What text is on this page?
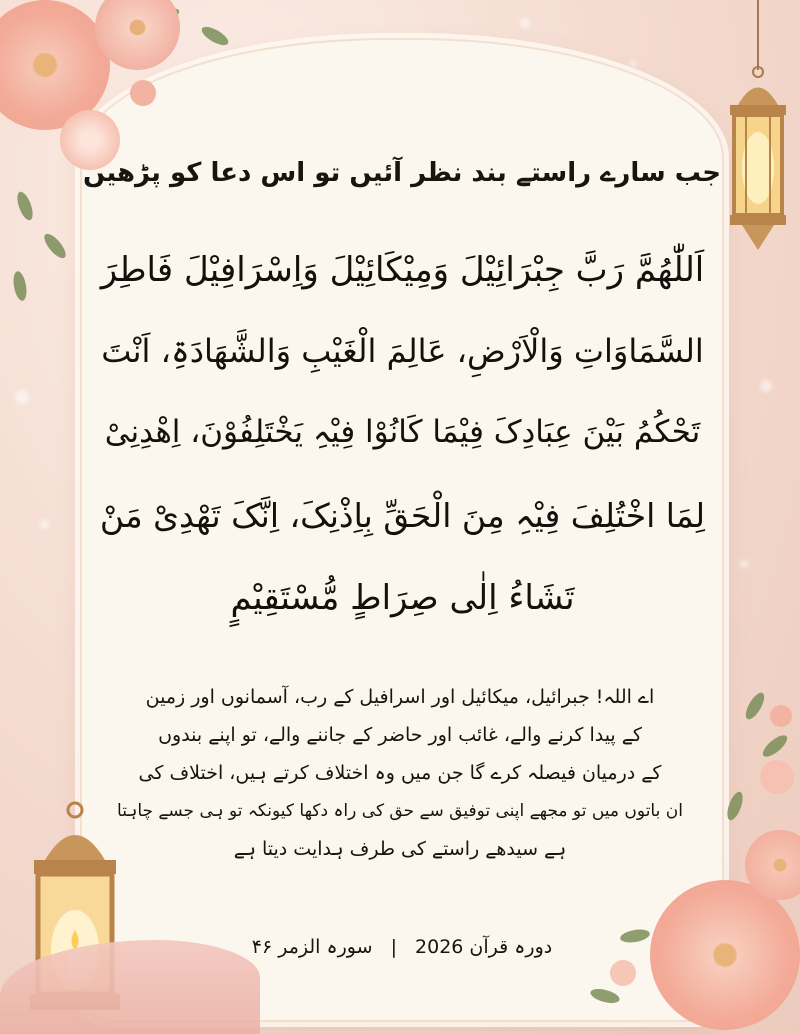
جب سارے راستے بند نظر آئیں تو اس دعا کو پڑھیں
اَللّٰھُمَّ رَبَّ جِبْرَائِیْلَ وَمِیْکَائِیْلَ وَاِسْرَافِیْلَ فَاطِرَ
السَّمَاوَاتِ وَالْاَرْضِ، عَالِمَ الْغَیْبِ وَالشَّھَادَۃِ، اَنْتَ
تَحْکُمُ بَیْنَ عِبَادِکَ فِیْمَا کَانُوْا فِیْہِ یَخْتَلِفُوْنَ، اِھْدِنِیْ
لِمَا اخْتُلِفَ فِیْہِ مِنَ الْحَقِّ بِاِذْنِکَ، اِنَّکَ تَھْدِیْ مَنْ
تَشَاءُ اِلٰی صِرَاطٍ مُّسْتَقِیْمٍ
اے اللہ! جبرائیل، میکائیل اور اسرافیل کے رب، آسمانوں اور زمین
کے پیدا کرنے والے، غائب اور حاضر کے جاننے والے، تو اپنے بندوں
کے درمیان فیصلہ کرے گا جن میں وہ اختلاف کرتے ہیں، اختلاف کی
ان باتوں میں تو مجھے اپنی توفیق سے حق کی راہ دکھا کیونکہ تو ہی جسے چاہتا
ہے سیدھے راستے کی طرف ہدایت دیتا ہے
دورہ قرآن 2026 | سورہ الزمر ۴۶
